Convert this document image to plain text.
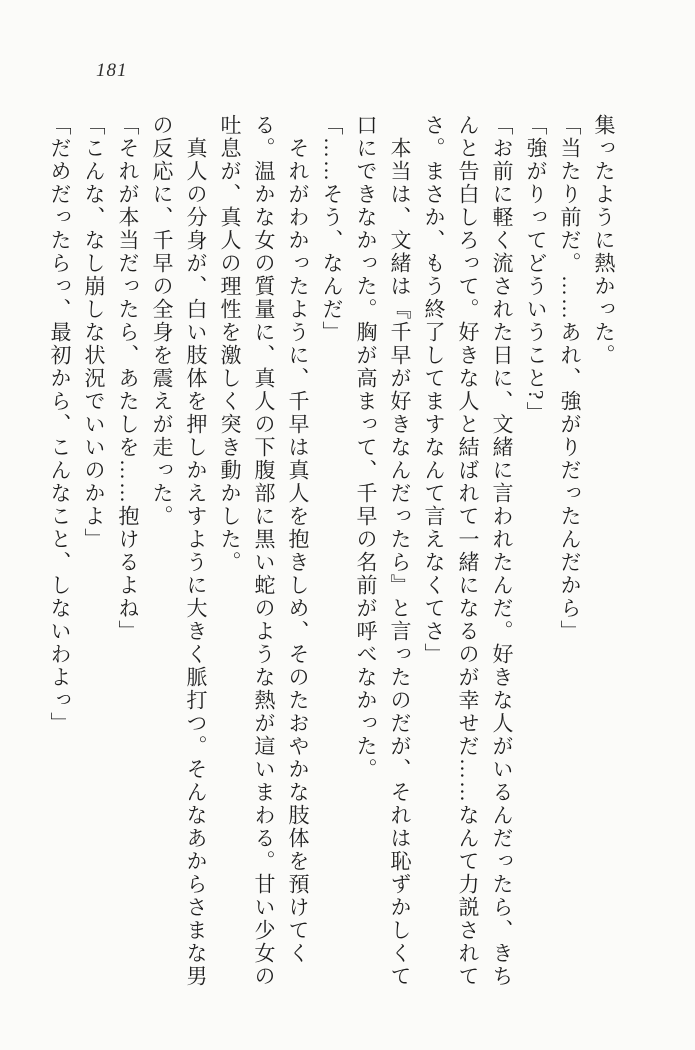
181

集ったように熱かった。

「当たり前だ。……あれ、強がりだったんだから」

「強がりってどういうこと?」

「お前に軽く流された日に、文緒に言われたんだ。好きな人がいるんだったら、きちんと告白しろって。好きな人と結ばれて一緒になるのが幸せだ……なんて力説されてさ。まさか、もう終了してますなんて言えなくてさ」

　本当は、文緒は『千早が好きなんだったら』と言ったのだが、それは恥ずかしくて口にできなかった。胸が高まって、千早の名前が呼べなかった。

「……そう、なんだ」

　それがわかったように、千早は真人を抱きしめ、そのたおやかな肢体を預けてくる。温かな女の質量に、真人の下腹部に黒い蛇のような熱が這いまわる。甘い少女の吐息が、真人の理性を激しく突き動かした。

　真人の分身が、白い肢体を押しかえすように大きく脈打つ。そんなあからさまな男の反応に、千早の全身を震えが走った。

「それが本当だったら、あたしを……抱けるよね」

「こんな、なし崩しな状況でいいのかよ」

「だめだったらっ、最初から、こんなこと、しないわよっ」
